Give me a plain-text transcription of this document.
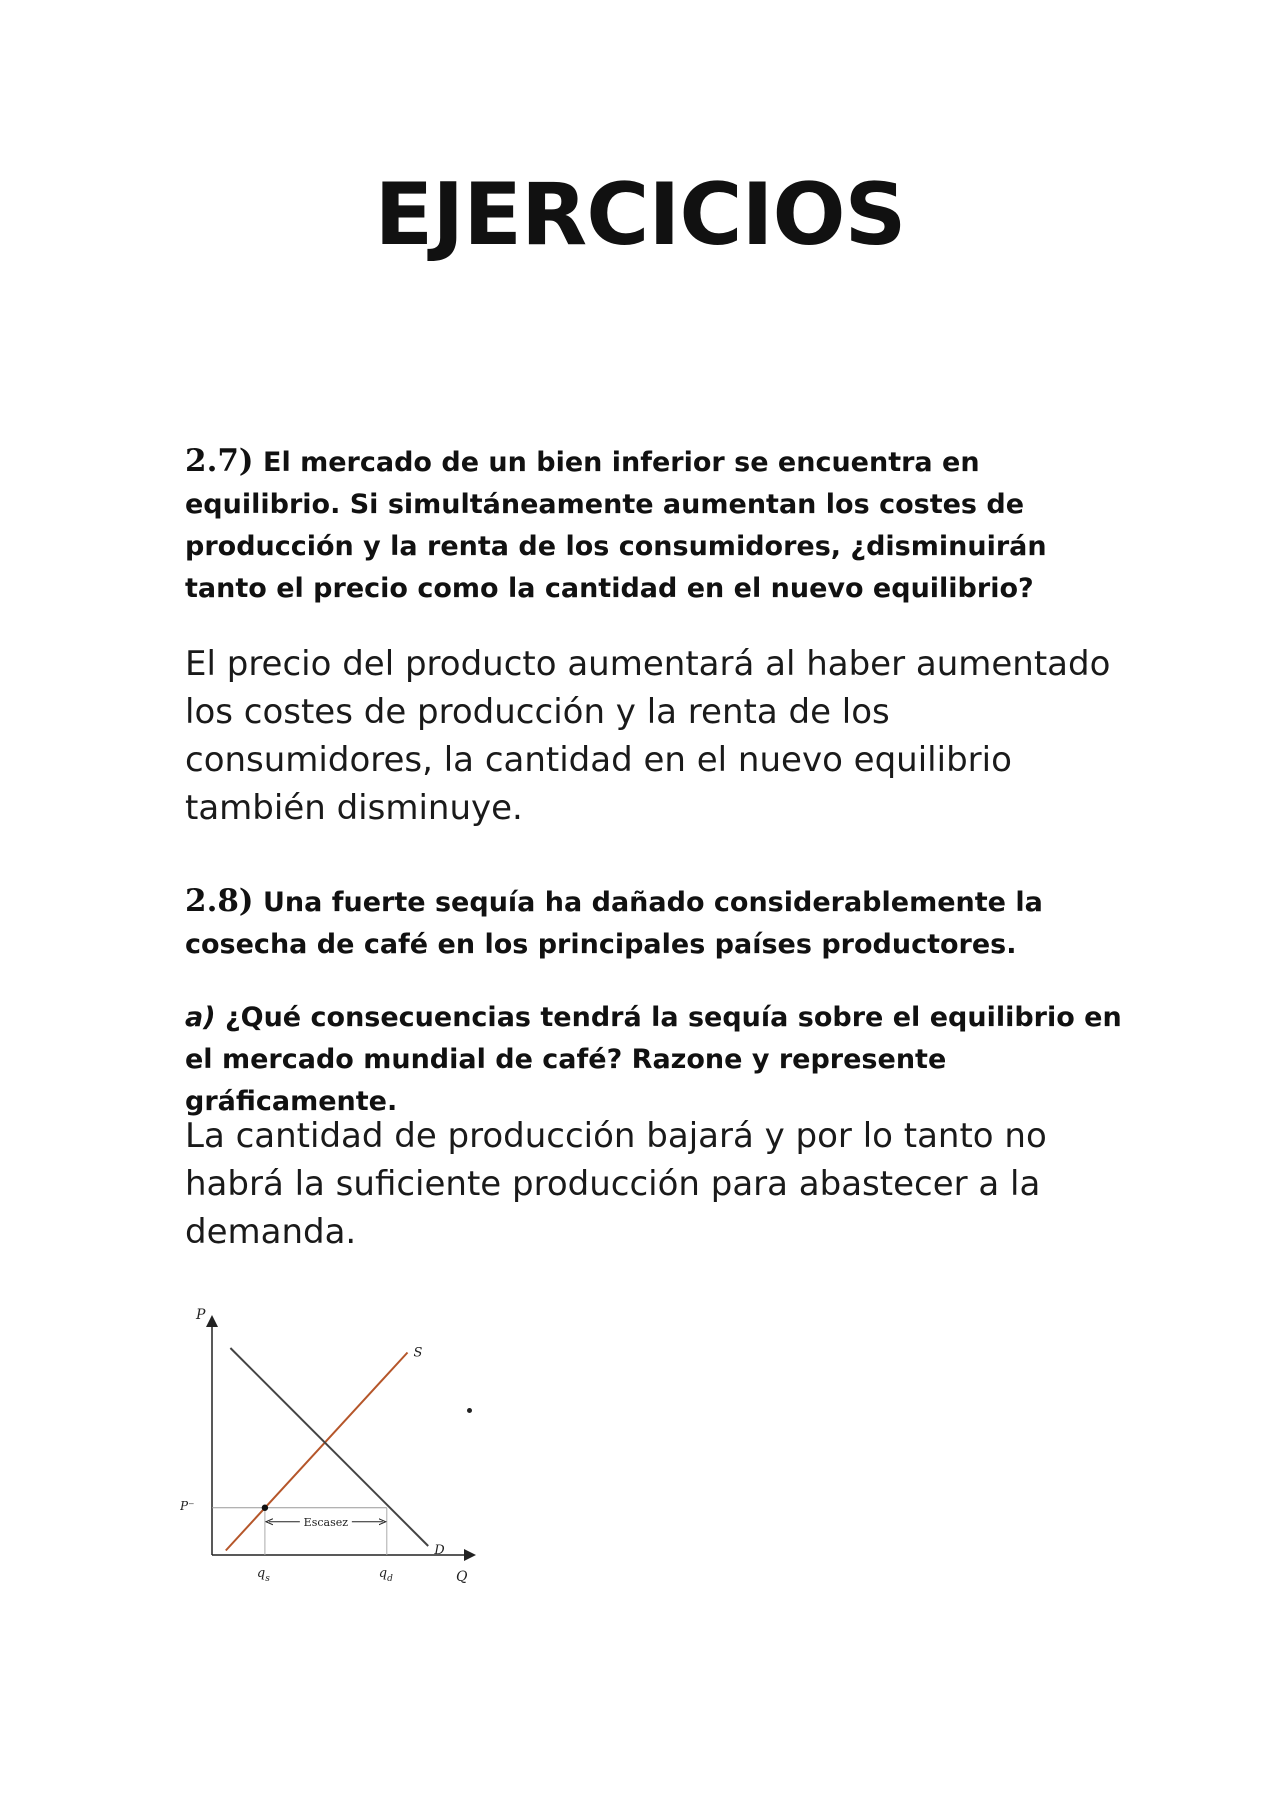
EJERCICIOS

2.7) El mercado de un bien inferior se encuentra en equilibrio. Si simultáneamente aumentan los costes de producción y la renta de los consumidores, ¿disminuirán tanto el precio como la cantidad en el nuevo equilibrio?

El precio del producto aumentará al haber aumentado los costes de producción y la renta de los consumidores, la cantidad en el nuevo equilibrio también disminuye.

2.8) Una fuerte sequía ha dañado considerablemente la cosecha de café en los principales países productores.

a) ¿Qué consecuencias tendrá la sequía sobre el equilibrio en el mercado mundial de café? Razone y represente gráficamente.

La cantidad de producción bajará y por lo tanto no habrá la suficiente producción para abastecer a la demanda.

P
Q
S
D
P⁻
Escasez
$q_s$	$q_d$
